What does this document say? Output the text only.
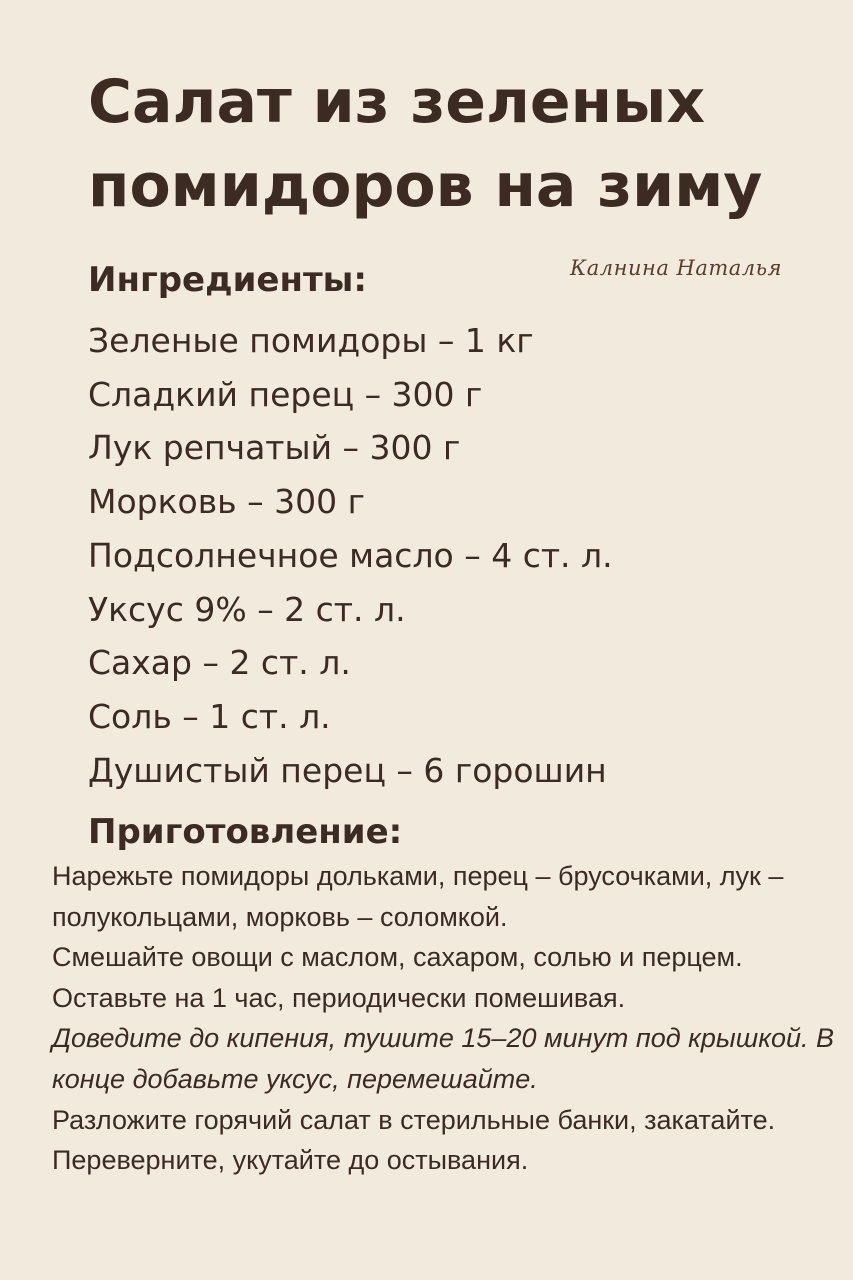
Салат из зеленых
помидоров на зиму
Калнина Наталья
Ингредиенты:
Зеленые помидоры – 1 кг
Сладкий перец – 300 г
Лук репчатый – 300 г
Морковь – 300 г
Подсолнечное масло – 4 ст. л.
Уксус 9% – 2 ст. л.
Сахар – 2 ст. л.
Соль – 1 ст. л.
Душистый перец – 6 горошин
Приготовление:

Нарежьте помидоры дольками, перец – брусочками, лук – полукольцами, морковь – соломкой.

Смешайте овощи с маслом, сахаром, солью и перцем. Оставьте на 1 час, периодически помешивая.

Доведите до кипения, тушите 15–20 минут под крышкой. В конце добавьте уксус, перемешайте.

Разложите горячий салат в стерильные банки, закатайте. Переверните, укутайте до остывания.
